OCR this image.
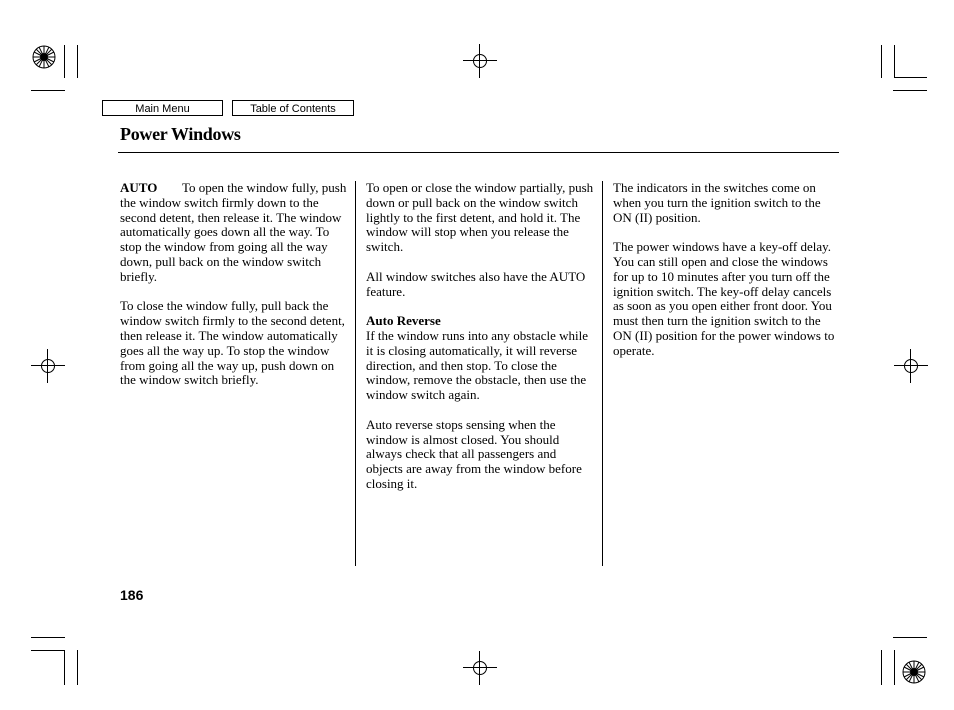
Main Menu	Table of Contents
Power Windows

AUTO To open the window fully, push the window switch firmly down to the second detent, then release it. The window automatically goes down all the way. To stop the window from going all the way down, pull back on the window switch briefly.

To close the window fully, pull back the window switch firmly to the second detent, then release it. The window automatically goes all the way up. To stop the window from going all the way up, push down on the window switch briefly.

To open or close the window partially, push down or pull back on the window switch lightly to the first detent, and hold it. The window will stop when you release the switch.

All window switches also have the AUTO feature.

Auto Reverse

If the window runs into any obstacle while it is closing automatically, it will reverse direction, and then stop. To close the window, remove the obstacle, then use the window switch again.

Auto reverse stops sensing when the window is almost closed. You should always check that all passengers and objects are away from the window before closing it.

The indicators in the switches come on when you turn the ignition switch to the ON (II) position.

The power windows have a key-off delay. You can still open and close the windows for up to 10 minutes after you turn off the ignition switch. The key-off delay cancels as soon as you open either front door. You must then turn the ignition switch to the ON (II) position for the power windows to operate.

186
